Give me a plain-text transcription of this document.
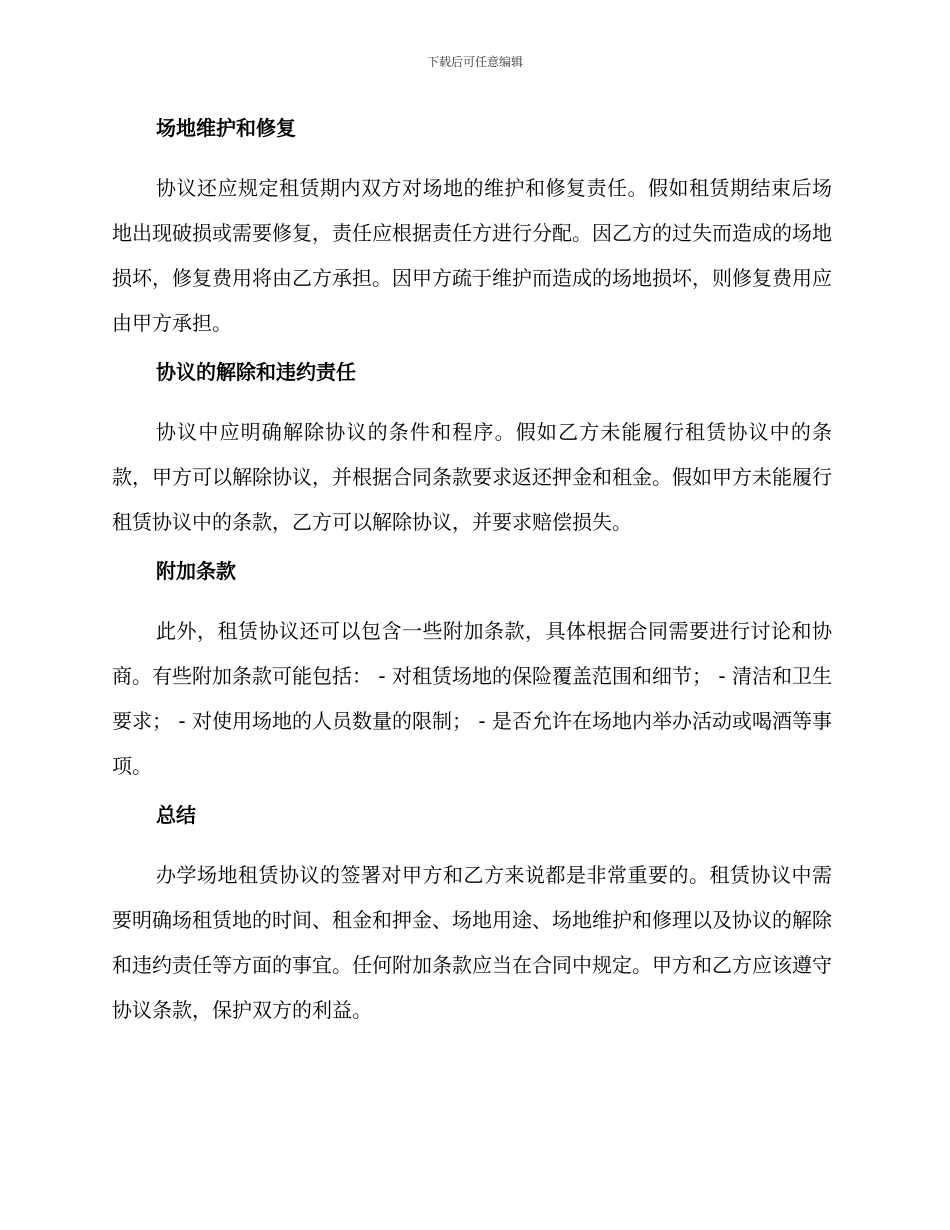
下载后可任意编辑
场地维护和修复

协议还应规定租赁期内双方对场地的维护和修复责任。假如租赁期结束后场地出现破损或需要修复，责任应根据责任方进行分配。因乙方的过失而造成的场地损坏，修复费用将由乙方承担。因甲方疏于维护而造成的场地损坏，则修复费用应由甲方承担。

协议的解除和违约责任

协议中应明确解除协议的条件和程序。假如乙方未能履行租赁协议中的条款，甲方可以解除协议，并根据合同条款要求返还押金和租金。假如甲方未能履行租赁协议中的条款，乙方可以解除协议，并要求赔偿损失。

附加条款

此外，租赁协议还可以包含一些附加条款，具体根据合同需要进行讨论和协商。有些附加条款可能包括： - 对租赁场地的保险覆盖范围和细节； - 清洁和卫生要求； - 对使用场地的人员数量的限制； - 是否允许在场地内举办活动或喝酒等事项。

总结

办学场地租赁协议的签署对甲方和乙方来说都是非常重要的。租赁协议中需要明确场租赁地的时间、租金和押金、场地用途、场地维护和修理以及协议的解除和违约责任等方面的事宜。任何附加条款应当在合同中规定。甲方和乙方应该遵守协议条款，保护双方的利益。
